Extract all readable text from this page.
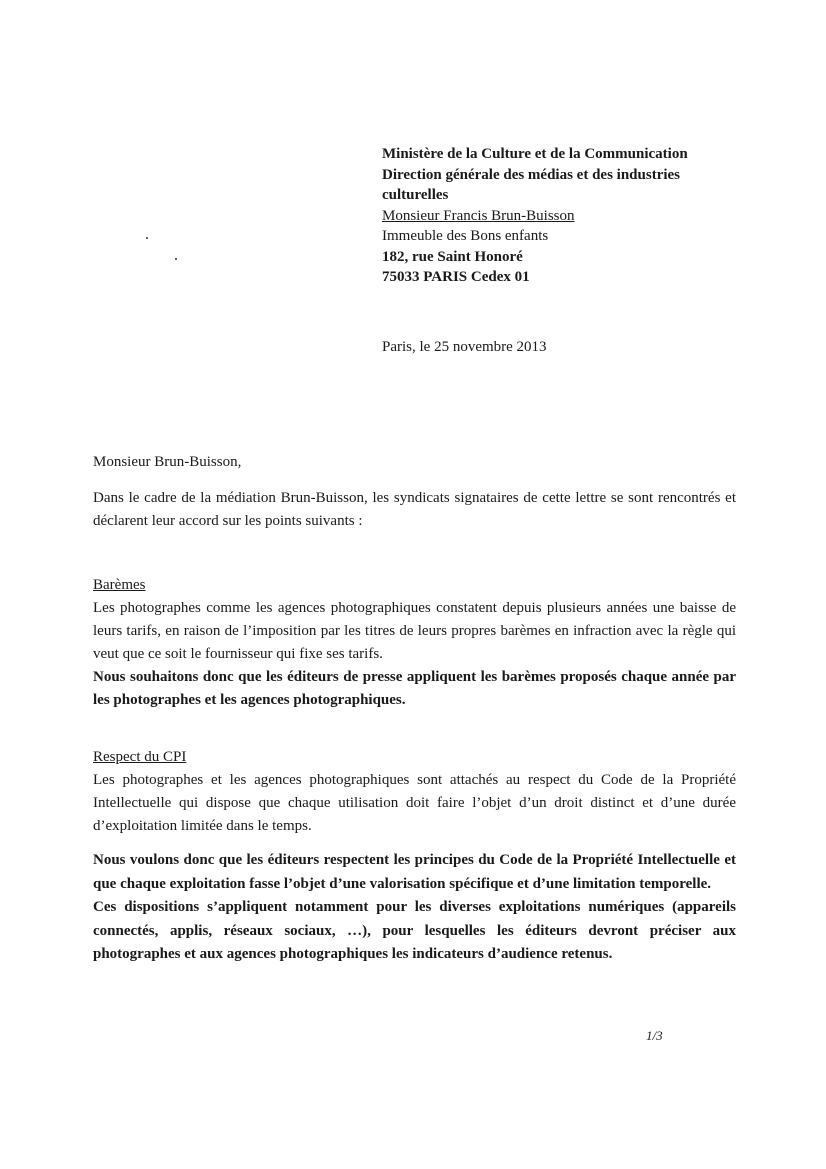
Ministère de la Culture et de la Communication
Direction générale des médias et des industries
culturelles
Monsieur Francis Brun-Buisson
Immeuble des Bons enfants
182, rue Saint Honoré
75033 PARIS Cedex 01
Paris, le 25 novembre 2013
Monsieur Brun-Buisson,

Dans le cadre de la médiation Brun-Buisson, les syndicats signataires de cette lettre se sont rencontrés et déclarent leur accord sur les points suivants :

Barèmes

Les photographes comme les agences photographiques constatent depuis plusieurs années une baisse de leurs tarifs, en raison de l’imposition par les titres de leurs propres barèmes en infraction avec la règle qui veut que ce soit le fournisseur qui fixe ses tarifs.

Nous souhaitons donc que les éditeurs de presse appliquent les barèmes proposés chaque année par les photographes et les agences photographiques.

Respect du CPI

Les photographes et les agences photographiques sont attachés au respect du Code de la Propriété Intellectuelle qui dispose que chaque utilisation doit faire l’objet d’un droit distinct et d’une durée d’exploitation limitée dans le temps.

Nous voulons donc que les éditeurs respectent les principes du Code de la Propriété Intellectuelle et que chaque exploitation fasse l’objet d’une valorisation spécifique et d’une limitation temporelle.

Ces dispositions s’appliquent notamment pour les diverses exploitations numériques (appareils connectés, applis, réseaux sociaux, …), pour lesquelles les éditeurs devront préciser aux photographes et aux agences photographiques les indicateurs d’audience retenus.

1/3
